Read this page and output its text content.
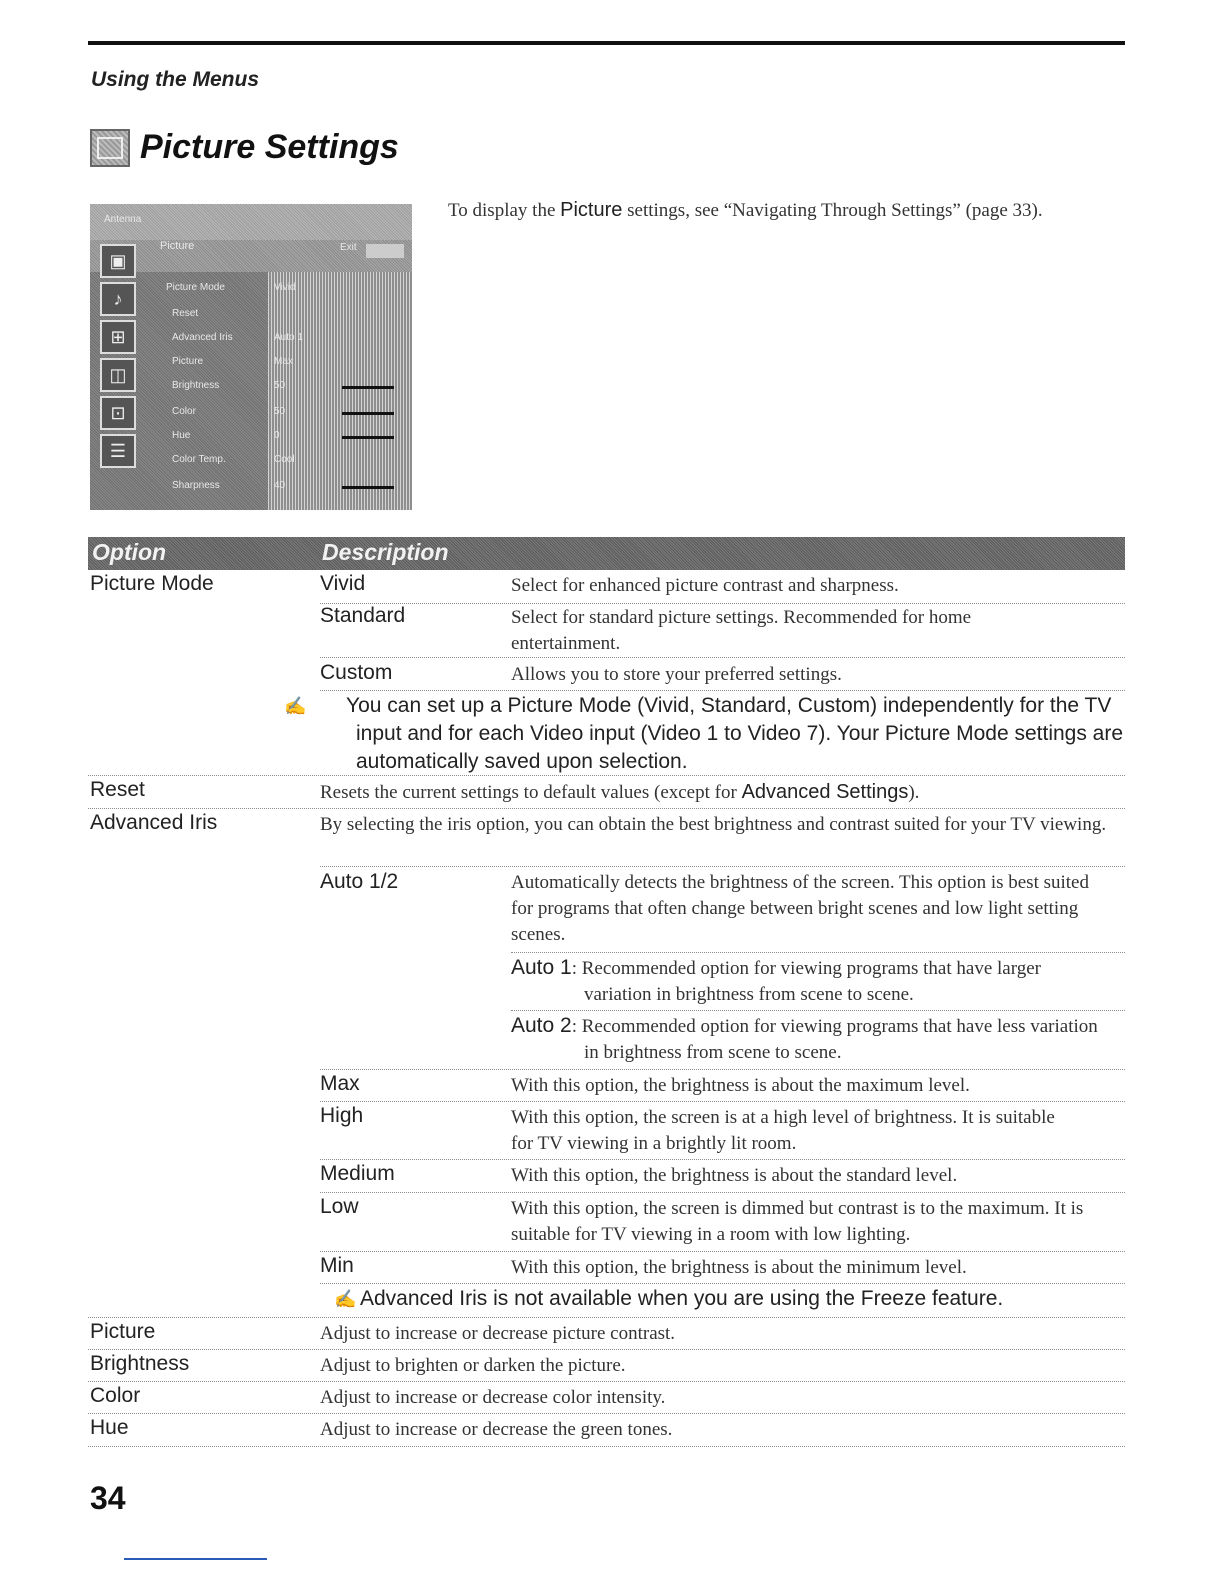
Using the Menus
Picture Settings
Antenna
Picture	Exit
▣
♪
⊞
◫
⊡
☰
Picture Mode	Vivid
Reset
Advanced Iris	Auto 1
Picture	Max
Brightness	50
Color	50
Hue	0
Color Temp.	Cool
Sharpness	40
To display the Picture settings, see “Navigating Through Settings” (page 33).
Option	Description
Picture Mode	Vivid	Select for enhanced picture contrast and sharpness.
Standard	Select for standard picture settings. Recommended for home entertainment.
Custom	Allows you to store your preferred settings.
✍ You can set up a Picture Mode (Vivid, Standard, Custom) independently for the TV input and for each Video input (Video 1 to Video 7). Your Picture Mode settings are automatically saved upon selection.
Reset	Resets the current settings to default values (except for Advanced Settings).
Advanced Iris	By selecting the iris option, you can obtain the best brightness and contrast suited for your TV viewing.
Auto 1/2	Automatically detects the brightness of the screen. This option is best suited for programs that often change between bright scenes and low light setting scenes.
Auto 1: Recommended option for viewing programs that have larger variation in brightness from scene to scene.
Auto 2: Recommended option for viewing programs that have less variation in brightness from scene to scene.
Max	With this option, the brightness is about the maximum level.
High	With this option, the screen is at a high level of brightness. It is suitable for TV viewing in a brightly lit room.
Medium	With this option, the brightness is about the standard level.
Low	With this option, the screen is dimmed but contrast is to the maximum. It is suitable for TV viewing in a room with low lighting.
Min	With this option, the brightness is about the minimum level.
✍ Advanced Iris is not available when you are using the Freeze feature.
Picture	Adjust to increase or decrease picture contrast.
Brightness	Adjust to brighten or darken the picture.
Color	Adjust to increase or decrease color intensity.
Hue	Adjust to increase or decrease the green tones.
34
